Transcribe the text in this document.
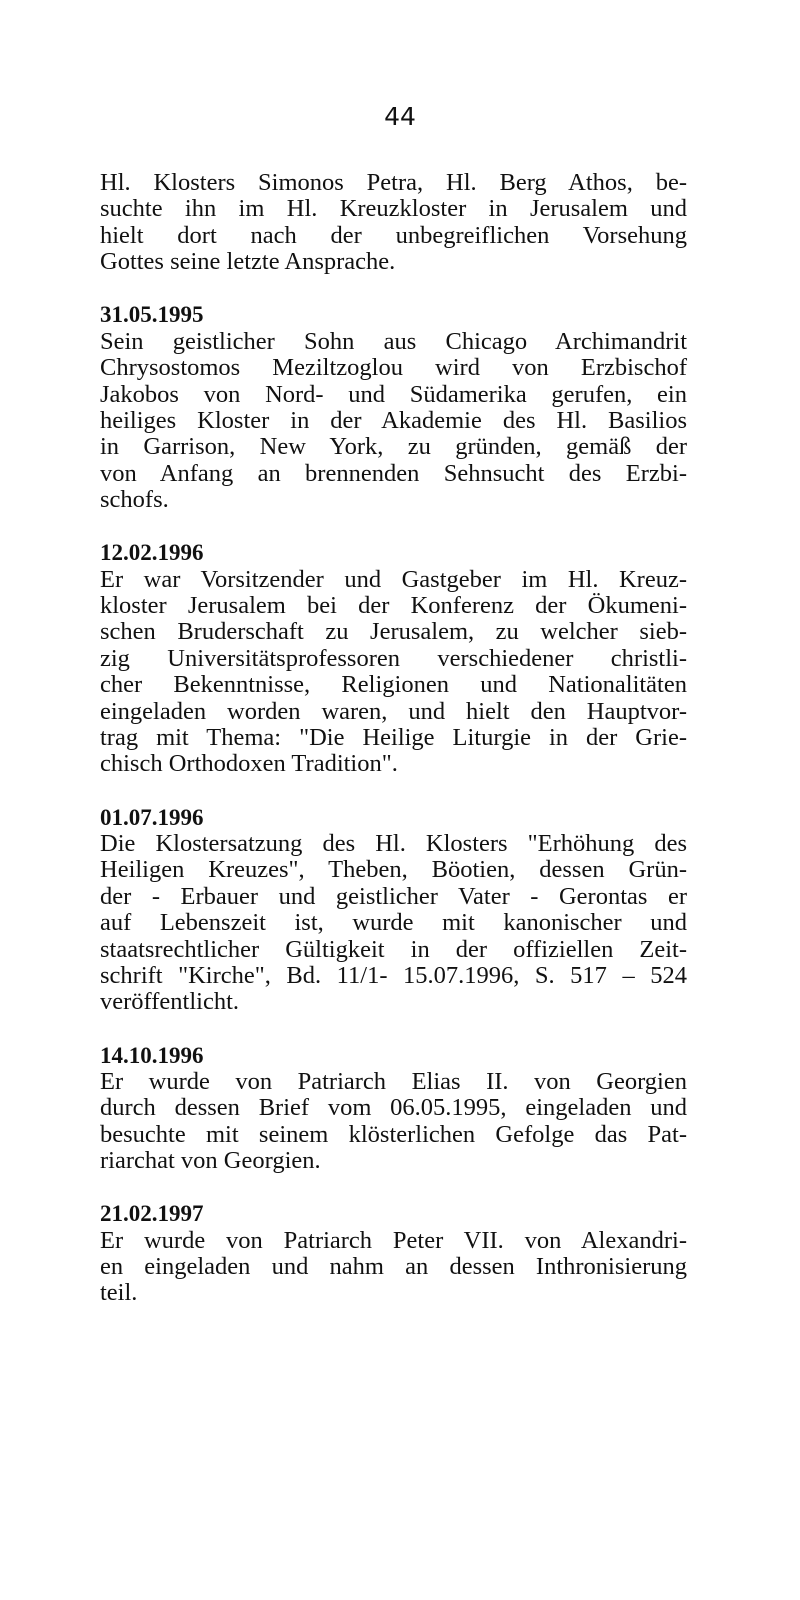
44
Hl. Klosters Simonos Petra, Hl. Berg Athos, be-
suchte ihn im Hl. Kreuzkloster in Jerusalem und
hielt dort nach der unbegreiflichen Vorsehung
Gottes seine letzte Ansprache.
31.05.1995
Sein geistlicher Sohn aus Chicago Archimandrit
Chrysostomos Meziltzoglou wird von Erzbischof
Jakobos von Nord- und Südamerika gerufen, ein
heiliges Kloster in der Akademie des Hl. Basilios
in Garrison, New York, zu gründen, gemäß der
von Anfang an brennenden Sehnsucht des Erzbi-
schofs.
12.02.1996
Er war Vorsitzender und Gastgeber im Hl. Kreuz-
kloster Jerusalem bei der Konferenz der Ökumeni-
schen Bruderschaft zu Jerusalem, zu welcher sieb-
zig Universitätsprofessoren verschiedener christli-
cher Bekenntnisse, Religionen und Nationalitäten
eingeladen worden waren, und hielt den Hauptvor-
trag mit Thema: "Die Heilige Liturgie in der Grie-
chisch Orthodoxen Tradition".
01.07.1996
Die Klostersatzung des Hl. Klosters "Erhöhung des
Heiligen Kreuzes", Theben, Böotien, dessen Grün-
der - Erbauer und geistlicher Vater - Gerontas er
auf Lebenszeit ist, wurde mit kanonischer und
staatsrechtlicher Gültigkeit in der offiziellen Zeit-
schrift "Kirche", Bd. 11/1- 15.07.1996, S. 517 – 524
veröffentlicht.
14.10.1996
Er wurde von Patriarch Elias II. von Georgien
durch dessen Brief vom 06.05.1995, eingeladen und
besuchte mit seinem klösterlichen Gefolge das Pat-
riarchat von Georgien.
21.02.1997
Er wurde von Patriarch Peter VII. von Alexandri-
en eingeladen und nahm an dessen Inthronisierung
teil.
